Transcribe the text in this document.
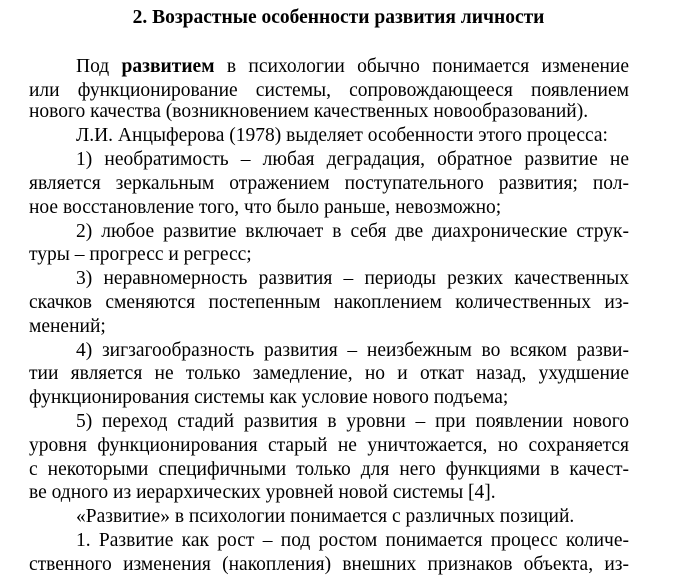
2. Возрастные особенности развития личности
Под развитием в психологии обычно понимается изменение
или функционирование системы, сопровождающееся появлением
нового качества (возникновением качественных новообразований).
Л.И. Анцыферова (1978) выделяет особенности этого процесса:
1) необратимость – любая деградация, обратное развитие не
является зеркальным отражением поступательного развития; пол-
ное восстановление того, что было раньше, невозможно;
2) любое развитие включает в себя две диахронические струк-
туры – прогресс и регресс;
3) неравномерность развития – периоды резких качественных
скачков сменяются постепенным накоплением количественных из-
менений;
4) зигзагообразность развития – неизбежным во всяком разви-
тии является не только замедление, но и откат назад, ухудшение
функционирования системы как условие нового подъема;
5) переход стадий развития в уровни – при появлении нового
уровня функционирования старый не уничтожается, но сохраняется
с некоторыми специфичными только для него функциями в качест-
ве одного из иерархических уровней новой системы [4].
«Развитие» в психологии понимается с различных позиций.
1. Развитие как рост – под ростом понимается процесс количе-
ственного изменения (накопления) внешних признаков объекта, из-
